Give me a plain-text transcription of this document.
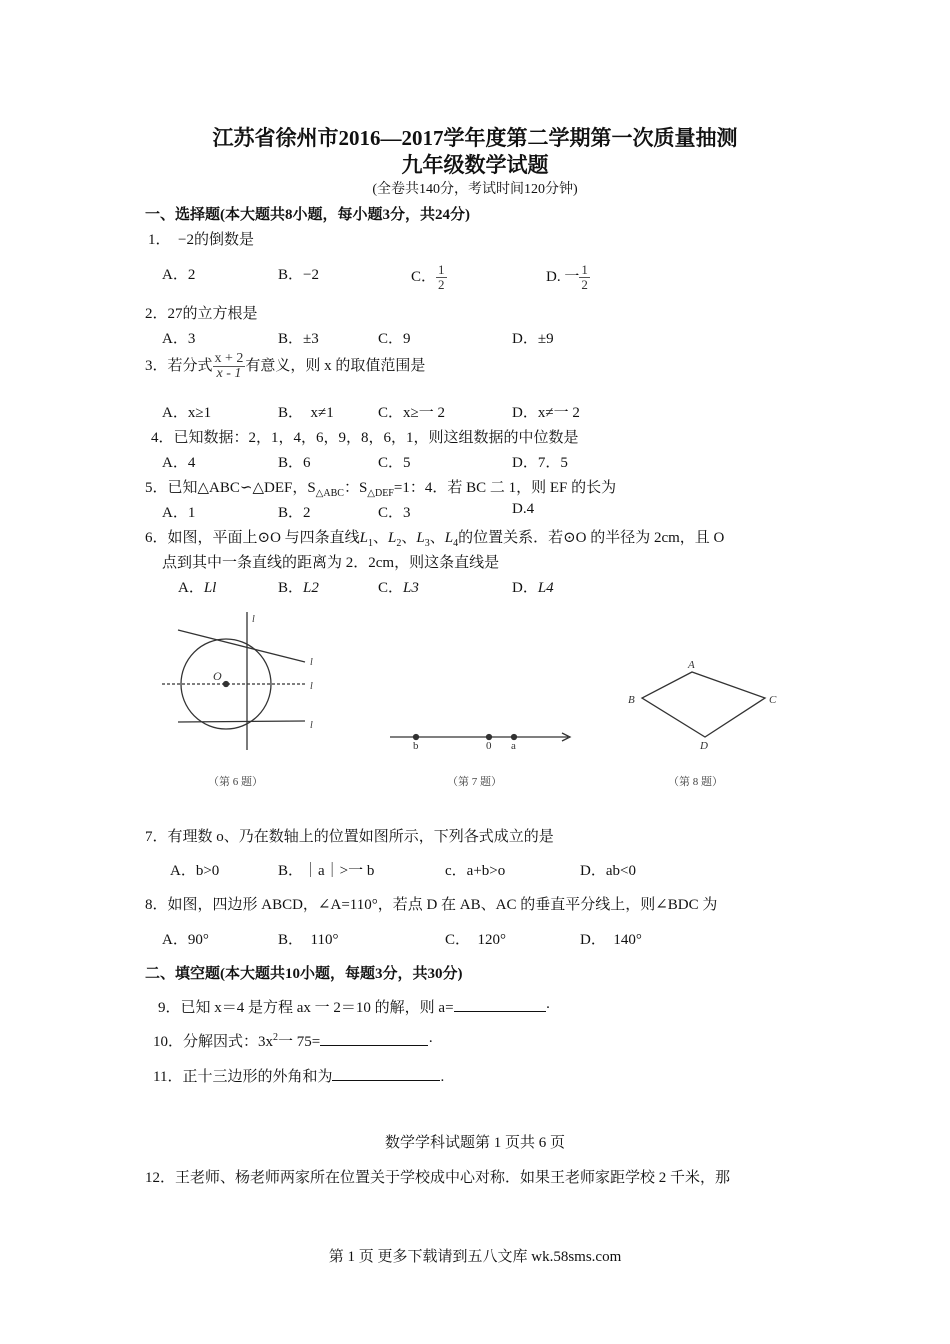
江苏省徐州市2016—2017学年度第二学期第一次质量抽测
九年级数学试题
(全卷共140分，考试时间120分钟)
一、选择题(本大题共8小题，每小题3分，共24分)
1．　−2的倒数是
A．2	B．−2	C． $\frac{1}{2}$	D. 一 $\frac{1}{2}$
2．27的立方根是
A．3	B．±3	C．9	D．±9
3．若分式 $\frac{x + 2}{x - 1}$ 有意义，则 x 的取值范围是
A．x≥1	B．　x≠1	C．x≥一 2	D．x≠一 2
4．已知数据：2，1，4，6，9，8，6，1，则这组数据的中位数是
A．4	B．6	C．5	D．7．5
5．已知△ABC∽△DEF，$S_{\triangle ABC}$：$S_{\triangle DEF}=1$：4．若 BC 二 1，则 EF 的长为
A．1	B．2	C．3	D.4
6．如图，平面上⊙O 与四条直线$L_1$、$L_2$、$L_3$、$L_4$的位置关系．若⊙O 的半径为 2cm，且 O
点到其中一条直线的距离为 2．2cm，则这条直线是
A．Ll	B．L2	C．L3	D．L4
O
l
l
l
l
（第 6 题）
b	0 a
（第 7 题）
A
B	C
D
（第 8 题）
7．有理数 o、乃在数轴上的位置如图所示，下列各式成立的是
A．b>0	B．｜a｜>一 b	c．a+b>o	D．ab<0
8．如图，四边形 ABCD，∠A=110°，若点 D 在 AB、AC 的垂直平分线上，则∠BDC 为
A．90°	B．　110°	C．　120°	D．　140°
二、填空题(本大题共10小题，每题3分，共30分)
9．已知 x＝4 是方程 ax 一 2＝10 的解，则 a=	·
10．分解因式：$3x^2$一 75=	·
11．正十三边形的外角和为	.
数学学科试题第 1 页共 6 页
12．王老师、杨老师两家所在位置关于学校成中心对称．如果王老师家距学校 2 千米，那
第 1 页 更多下载请到五八文库 wk.58sms.com
